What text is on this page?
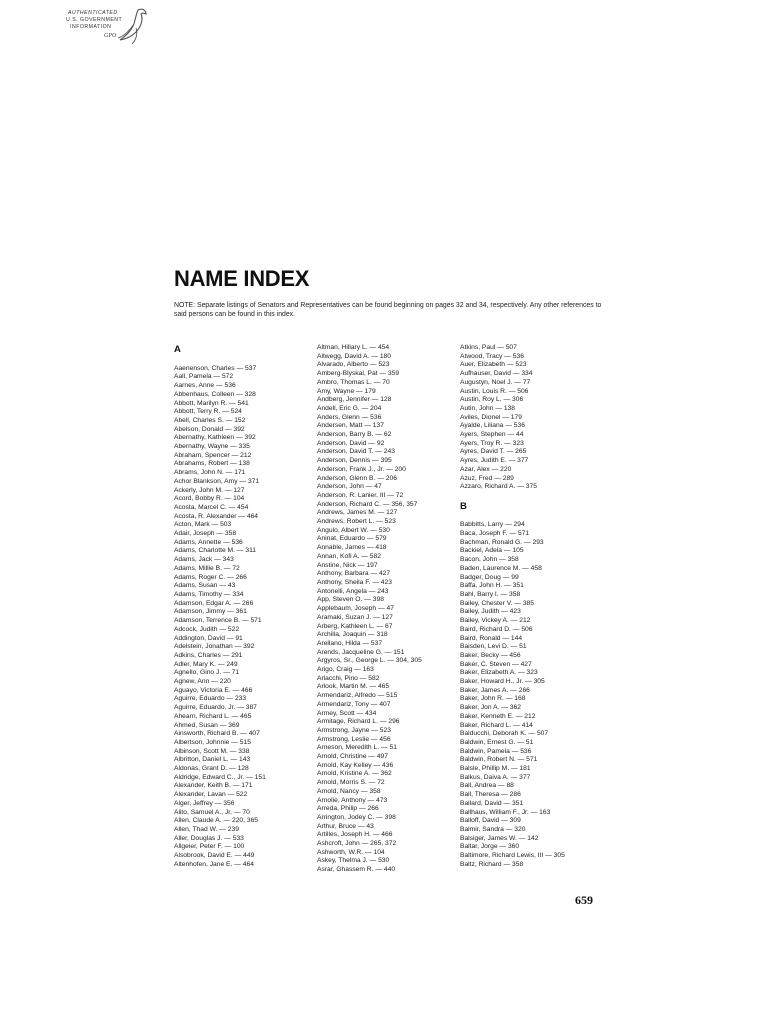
AUTHENTICATED
U.S. GOVERNMENT
INFORMATION
GPO
NAME INDEX
NOTE: Separate listings of Senators and Representatives can be found beginning on pages 32 and 34, respectively. Any other references to said persons can be found in this index.
A

Aaenenson, Charles — 537
Aall, Pamela — 572
Aarnes, Anne — 536
Abbenhaus, Colleen — 328
Abbott, Marilyn R. — 541
Abbott, Terry R. — 524
Abell, Charles S. — 152
Abelson, Donald — 392
Abernathy, Kathleen — 392
Abernathy, Wayne — 335
Abraham, Spencer — 212
Abrahams, Robert — 138
Abrams, John N. — 171
Achor Blankson, Amy — 371
Ackerly, John M. — 127
Acord, Bobby R. — 104
Acosta, Marcel C. — 454
Acosta, R. Alexander — 464
Acton, Mark — 503
Adair, Joseph — 358
Adams, Annette — 536
Adams, Charlotte M. — 311
Adams, Jack — 343
Adams, Millie B. — 72
Adams, Roger C. — 266
Adams, Susan — 43
Adams, Timothy — 334
Adamson, Edgar A. — 266
Adamson, Jimmy — 361
Adamson, Terrence B. — 571
Adcock, Judith — 522
Addington, David — 91
Adelstein, Jonathan — 392
Adkins, Charles — 291
Adler, Mary K. — 249
Agnello, Gino J. — 71
Agnew, Ann — 220
Aguayo, Victoria E. — 466
Aguirre, Eduardo — 233
Aguirre, Eduardo, Jr. — 387
Ahearn, Richard L. — 465
Ahmed, Susan — 369
Ainsworth, Richard B. — 407
Albertson, Johnnie — 515
Albinson, Scott M. — 338
Albritton, Daniel L. — 143
Aldonas, Grant D. — 128
Aldridge, Edward C., Jr. — 151
Alexander, Keith B. — 171
Alexander, Lavan — 522
Alger, Jeffrey — 356
Alito, Samuel A., Jr. — 70
Allen, Claude A. — 220, 365
Allen, Thad W. — 239
Aller, Douglas J. — 533
Allgeier, Peter F. — 100
Alsobrook, David E. — 449
Altenhofen, Jane E. — 464
Altman, Hillary L. — 454
Altwegg, David A. — 180
Alvarado, Alberto — 523
Amberg-Blyskal, Pat — 359
Ambro, Thomas L. — 70
Amy, Wayne — 179
Andberg, Jennifer — 128
Andell, Eric G. — 204
Anders, Glenn — 536
Andersen, Matt — 137
Anderson, Barry B. — 62
Anderson, David — 92
Anderson, David T. — 243
Anderson, Dennis — 395
Anderson, Frank J., Jr. — 200
Anderson, Glenn B. — 206
Anderson, John — 47
Anderson, R. Lanier, III — 72
Anderson, Richard C. — 356, 357
Andrews, James M. — 127
Andrews, Robert L. — 523
Angulo, Albert W. — 530
Aninat, Eduardo — 579
Annable, James — 418
Annan, Kofi A. — 582
Anstine, Nick — 197
Anthony, Barbara — 427
Anthony, Sheila F. — 423
Antonelli, Angela — 243
App, Steven O. — 398
Applebaum, Joseph — 47
Aramaki, Suzan J. — 127
Arberg, Kathleen L. — 67
Archilla, Joaquin — 318
Arellano, Hilda — 537
Arends, Jacqueline G. — 151
Argyros, Sr., George L. — 304, 305
Arigo, Craig — 163
Arlacchi, Pino — 582
Arlook, Martin M. — 465
Armendariz, Alfredo — 515
Armendariz, Tony — 407
Armey, Scott — 434
Armitage, Richard L. — 296
Armstrong, Jayne — 523
Armstrong, Leslie — 456
Arneson, Meredith L. — 51
Arnold, Christine — 497
Arnold, Kay Kelley — 436
Arnold, Kristine A. — 362
Arnold, Morris S. — 72
Arnold, Nancy — 358
Arnolie, Anthony — 473
Arreda, Philip — 266
Arrington, Jodey C. — 398
Arthur, Bruce — 43
Artilles, Joseph H. — 466
Ashcroft, John — 265, 372
Ashworth, W.R. — 104
Askey, Thelma J. — 530
Asrar, Ghassem R. — 440
Atkins, Paul — 507
Atwood, Tracy — 536
Auer, Elizabeth — 523
Aufhauser, David — 334
Augustyn, Noel J. — 77
Austin, Louis R. — 506
Austin, Roy L. — 306
Autin, John — 138
Aviles, Dionel — 179
Ayalde, Liliana — 536
Ayers, Stephen — 44
Ayers, Troy R. — 323
Ayres, David T. — 265
Ayres, Judith E. — 377
Azar, Alex — 220
Azuz, Fred — 289
Azzaro, Richard A. — 375

B

Babbitts, Larry — 294
Baca, Joseph F. — 571
Bachman, Ronald G. — 293
Backiel, Adela — 105
Bacon, John — 358
Baden, Laurence M. — 458
Badger, Doug — 99
Baffa, John H. — 351
Bahl, Barry I. — 358
Bailey, Chester V. — 385
Bailey, Judith — 423
Bailey, Vickey A. — 212
Baird, Richard D. — 506
Baird, Ronald — 144
Baisden, Levi D. — 51
Baker, Becky — 456
Baker, C. Steven — 427
Baker, Elizabeth A. — 323
Baker, Howard H., Jr. — 305
Baker, James A. — 266
Baker, John R. — 168
Baker, Jon A. — 362
Baker, Kenneth E. — 212
Baker, Richard L. — 414
Balducchi, Deborah K. — 507
Baldwin, Ernest G. — 51
Baldwin, Pamela — 536
Baldwin, Robert N. — 571
Balsle, Phillip M. — 181
Balkus, Daiva A. — 377
Ball, Andrea — 88
Ball, Theresa — 286
Ballard, David — 351
Ballhaus, William F., Jr. — 163
Balloff, David — 309
Balmir, Sandra — 320
Balsiger, James W. — 142
Baltar, Jorge — 360
Baltimore, Richard Lewis, III — 305
Baltz, Richard — 358
659
